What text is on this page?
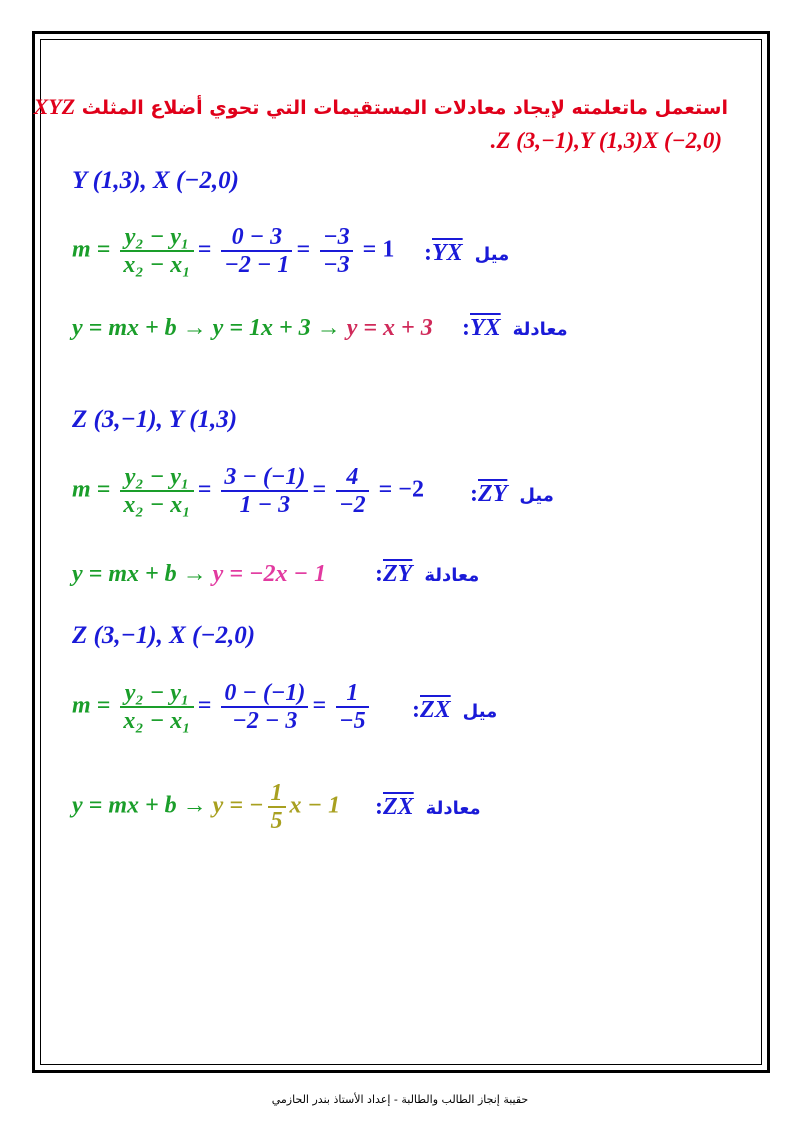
استعمل ماتعلمته لإيجاد معادلات المستقيمات التي تحوي أضلاع المثلث XYZ
.Z (3,−1),Y (1,3)X (−2,0)
Y (1,3), X (−2,0)
$m = \frac{\text{y₂ − y₁}}{\text{x₂ − x₁}} = \frac{0 - 3}{-2 - 1} = \frac{-3}{-3} = 1$ $:\overline{YX}$ ميل
y = mx + b → y = 1x + 3 → y = x + 3 $:\overline{YX}$ معادلة
Z (3,−1), Y (1,3)
$m = \frac{\text{y₂ − y₁}}{\text{x₂ − x₁}} = \frac{3 - (-1)}{1 - 3} = \frac{4}{-2} = -2$ $:\overline{ZY}$ ميل
y = mx + b → y = −2x − 1 $:\overline{ZY}$ معادلة
Z (3,−1), X (−2,0)
$m = \frac{\text{y₂ − y₁}}{\text{x₂ − x₁}} = \frac{0 - (-1)}{-2 - 3} = \frac{1}{-5}$ $:\overline{ZX}$ ميل
y = mx + b → y = − $\frac{1}{5}$ x − 1 $:\overline{ZX}$ معادلة
حقيبة إنجاز الطالب والطالبة - إعداد الأستاذ بندر الحازمي
